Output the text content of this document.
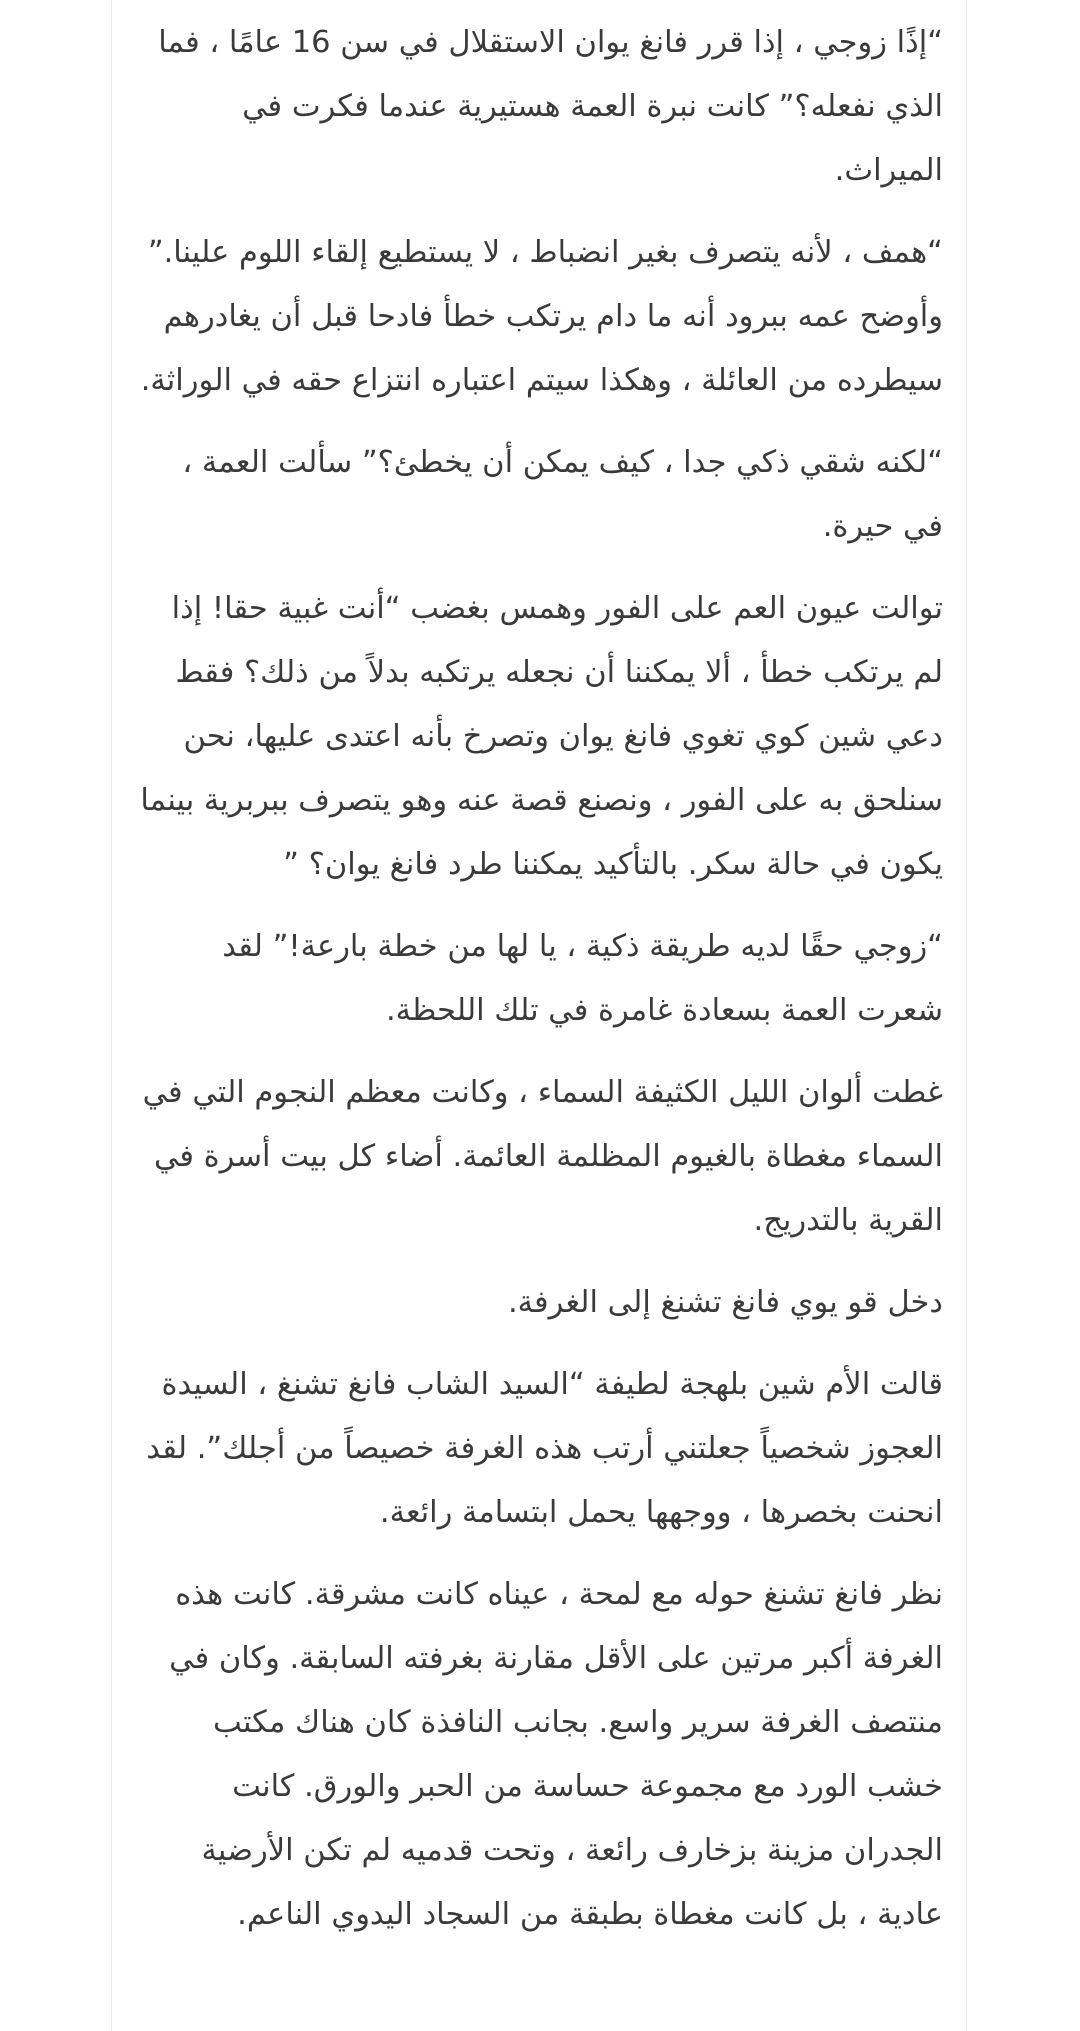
“إذًا زوجي ، إذا قرر فانغ يوان الاستقلال في سن 16 عامًا ، فما الذي نفعله؟” كانت نبرة العمة هستيرية عندما فكرت في الميراث.

“همف ، لأنه يتصرف بغير انضباط ، لا يستطيع إلقاء اللوم علينا.” وأوضح عمه ببرود أنه ما دام يرتكب خطأ فادحا قبل أن يغادرهم سيطرده من العائلة ، وهكذا سيتم اعتباره انتزاع حقه في الوراثة.

“لكنه شقي ذكي جدا ، كيف يمكن أن يخطئ؟” سألت العمة ، في حيرة.

توالت عيون العم على الفور وهمس بغضب “أنت غبية حقا! إذا لم يرتكب خطأ ، ألا يمكننا أن نجعله يرتكبه بدلاً من ذلك؟ فقط دعي شين كوي تغوي فانغ يوان وتصرخ بأنه اعتدى عليها، نحن سنلحق به على الفور ، ونصنع قصة عنه وهو يتصرف ببربرية بينما يكون في حالة سكر. بالتأكيد يمكننا طرد فانغ يوان؟ ”

“زوجي حقًا لديه طريقة ذكية ، يا لها من خطة بارعة!” لقد شعرت العمة بسعادة غامرة في تلك اللحظة.

غطت ألوان الليل الكثيفة السماء ، وكانت معظم النجوم التي في السماء مغطاة بالغيوم المظلمة العائمة. أضاء كل بيت أسرة في القرية بالتدريج.

دخل قو يوي فانغ تشنغ إلى الغرفة.

قالت الأم شين بلهجة لطيفة “السيد الشاب فانغ تشنغ ، السيدة العجوز شخصياً جعلتني أرتب هذه الغرفة خصيصاً من أجلك”. لقد انحنت بخصرها ، ووجهها يحمل ابتسامة رائعة.

نظر فانغ تشنغ حوله مع لمحة ، عيناه كانت مشرقة. كانت هذه الغرفة أكبر مرتين على الأقل مقارنة بغرفته السابقة. وكان في منتصف الغرفة سرير واسع. بجانب النافذة كان هناك مكتب خشب الورد مع مجموعة حساسة من الحبر والورق. كانت الجدران مزينة بزخارف رائعة ، وتحت قدميه لم تكن الأرضية عادية ، بل كانت مغطاة بطبقة من السجاد اليدوي الناعم.
